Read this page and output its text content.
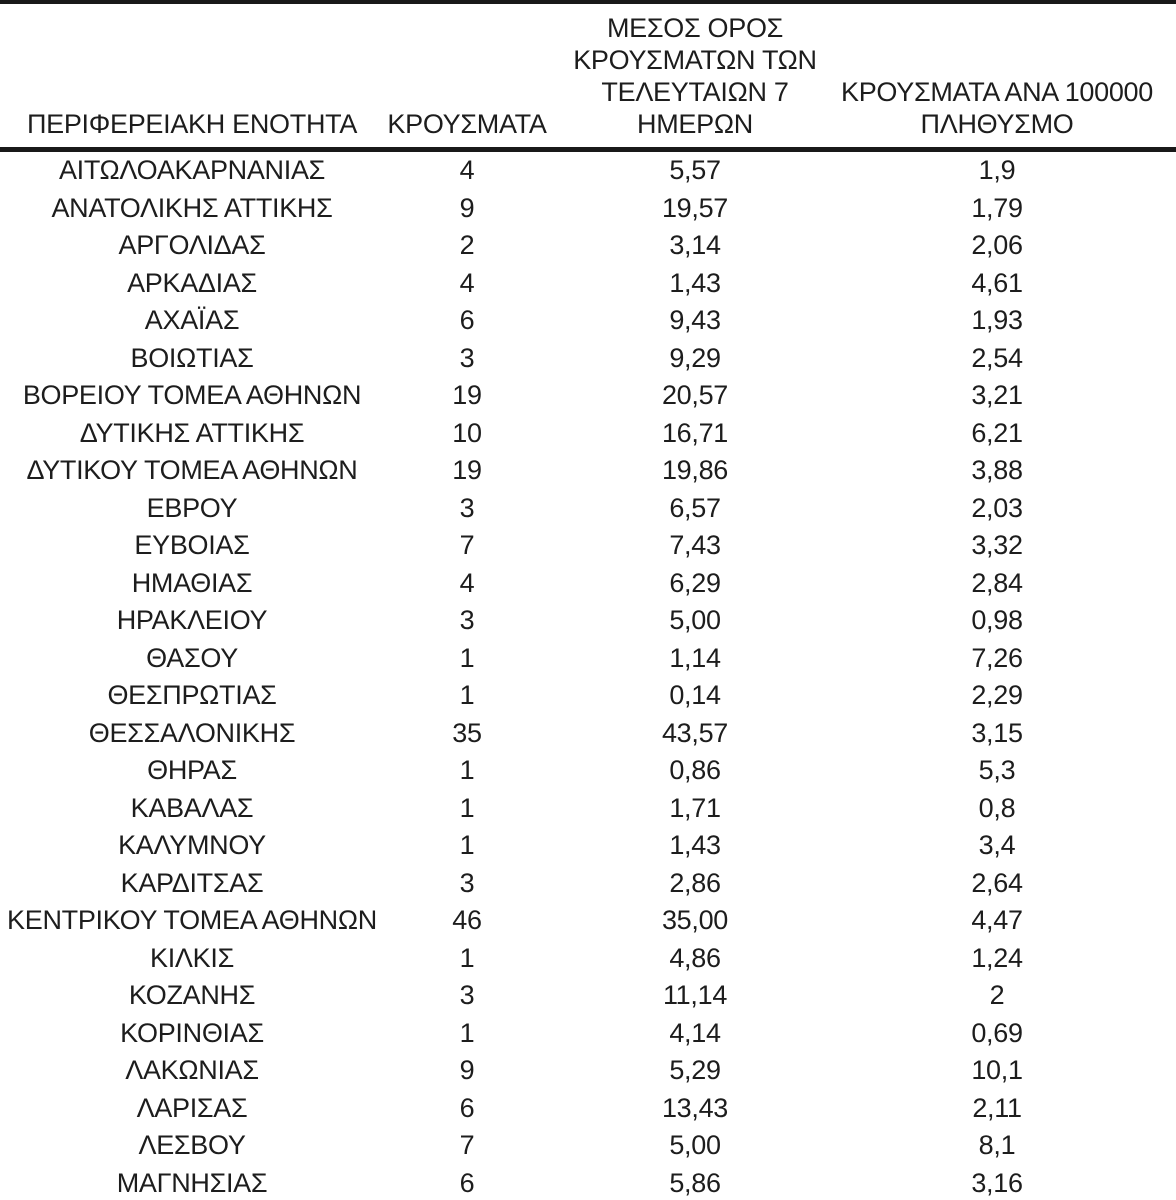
ΠΕΡΙΦΕΡΕΙΑΚΗ ΕΝΟΤΗΤΑ	ΚΡΟΥΣΜΑΤΑ	ΜΕΣΟΣ ΟΡΟΣ
ΚΡΟΥΣΜΑΤΩΝ ΤΩΝ
ΤΕΛΕΥΤΑΙΩΝ 7
ΗΜΕΡΩΝ	ΚΡΟΥΣΜΑΤΑ ΑΝΑ 100000
ΠΛΗΘΥΣΜΟ

ΑΙΤΩΛΟΑΚΑΡΝΑΝΙΑΣ	4	5,57	1,9
ΑΝΑΤΟΛΙΚΗΣ ΑΤΤΙΚΗΣ	9	19,57	1,79
ΑΡΓΟΛΙΔΑΣ	2	3,14	2,06
ΑΡΚΑΔΙΑΣ	4	1,43	4,61
ΑΧΑΪΑΣ	6	9,43	1,93
ΒΟΙΩΤΙΑΣ	3	9,29	2,54
ΒΟΡΕΙΟΥ ΤΟΜΕΑ ΑΘΗΝΩΝ	19	20,57	3,21
ΔΥΤΙΚΗΣ ΑΤΤΙΚΗΣ	10	16,71	6,21
ΔΥΤΙΚΟΥ ΤΟΜΕΑ ΑΘΗΝΩΝ	19	19,86	3,88
ΕΒΡΟΥ	3	6,57	2,03
ΕΥΒΟΙΑΣ	7	7,43	3,32
ΗΜΑΘΙΑΣ	4	6,29	2,84
ΗΡΑΚΛΕΙΟΥ	3	5,00	0,98
ΘΑΣΟΥ	1	1,14	7,26
ΘΕΣΠΡΩΤΙΑΣ	1	0,14	2,29
ΘΕΣΣΑΛΟΝΙΚΗΣ	35	43,57	3,15
ΘΗΡΑΣ	1	0,86	5,3
ΚΑΒΑΛΑΣ	1	1,71	0,8
ΚΑΛΥΜΝΟΥ	1	1,43	3,4
ΚΑΡΔΙΤΣΑΣ	3	2,86	2,64
ΚΕΝΤΡΙΚΟΥ ΤΟΜΕΑ ΑΘΗΝΩΝ	46	35,00	4,47
ΚΙΛΚΙΣ	1	4,86	1,24
ΚΟΖΑΝΗΣ	3	11,14	2
ΚΟΡΙΝΘΙΑΣ	1	4,14	0,69
ΛΑΚΩΝΙΑΣ	9	5,29	10,1
ΛΑΡΙΣΑΣ	6	13,43	2,11
ΛΕΣΒΟΥ	7	5,00	8,1
ΜΑΓΝΗΣΙΑΣ	6	5,86	3,16
